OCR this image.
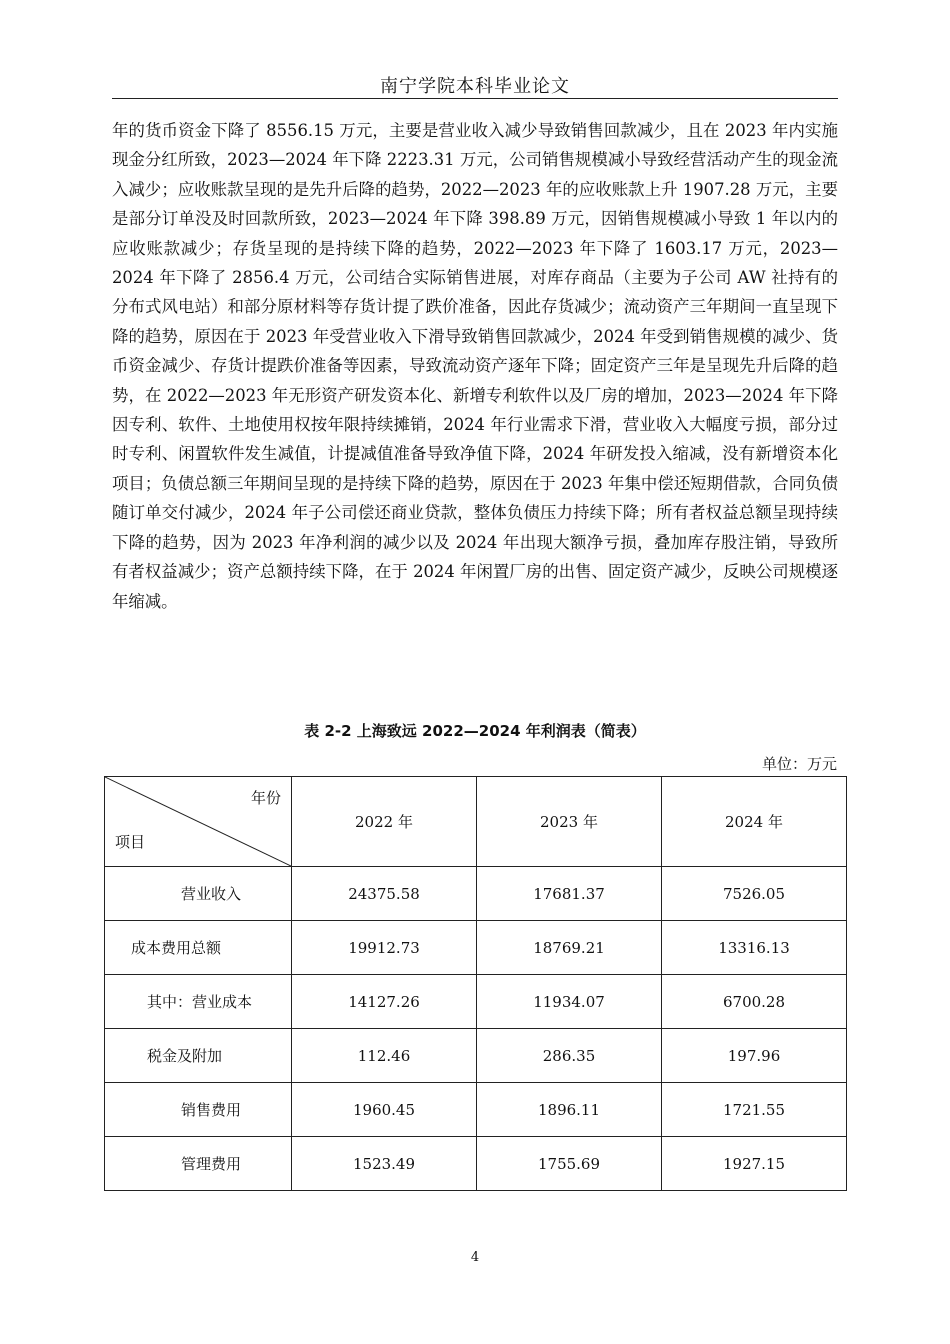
南宁学院本科毕业论文

年的货币资金下降了 8556.15 万元，主要是营业收入减少导致销售回款减少，且在 2023 年内实施现金分红所致，2023—2024 年下降 2223.31 万元，公司销售规模减小导致经营活动产生的现金流入减少；应收账款呈现的是先升后降的趋势，2022—2023 年的应收账款上升 1907.28 万元，主要是部分订单没及时回款所致，2023—2024 年下降 398.89 万元，因销售规模减小导致 1 年以内的应收账款减少；存货呈现的是持续下降的趋势，2022—2023 年下降了 1603.17 万元，2023—2024 年下降了 2856.4 万元，公司结合实际销售进展，对库存商品（主要为子公司 AW 社持有的分布式风电站）和部分原材料等存货计提了跌价准备，因此存货减少；流动资产三年期间一直呈现下降的趋势，原因在于 2023 年受营业收入下滑导致销售回款减少，2024 年受到销售规模的减少、货币资金减少、存货计提跌价准备等因素，导致流动资产逐年下降；固定资产三年是呈现先升后降的趋势，在 2022—2023 年无形资产研发资本化、新增专利软件以及厂房的增加，2023—2024 年下降因专利、软件、土地使用权按年限持续摊销，2024 年行业需求下滑，营业收入大幅度亏损，部分过时专利、闲置软件发生减值，计提减值准备导致净值下降，2024 年研发投入缩减，没有新增资本化项目；负债总额三年期间呈现的是持续下降的趋势，原因在于 2023 年集中偿还短期借款，合同负债随订单交付减少，2024 年子公司偿还商业贷款，整体负债压力持续下降；所有者权益总额呈现持续下降的趋势，因为 2023 年净利润的减少以及 2024 年出现大额净亏损，叠加库存股注销，导致所有者权益减少；资产总额持续下降，在于 2024 年闲置厂房的出售、固定资产减少，反映公司规模逐年缩减。

表 2-2 上海致远 2022—2024 年利润表（简表）
单位：万元
年份
项目	2022 年	2023 年	2024 年
营业收入	24375.58	17681.37	7526.05
成本费用总额	19912.73	18769.21	13316.13
其中：营业成本	14127.26	11934.07	6700.28
税金及附加	112.46	286.35	197.96
销售费用	1960.45	1896.11	1721.55
管理费用	1523.49	1755.69	1927.15
4
